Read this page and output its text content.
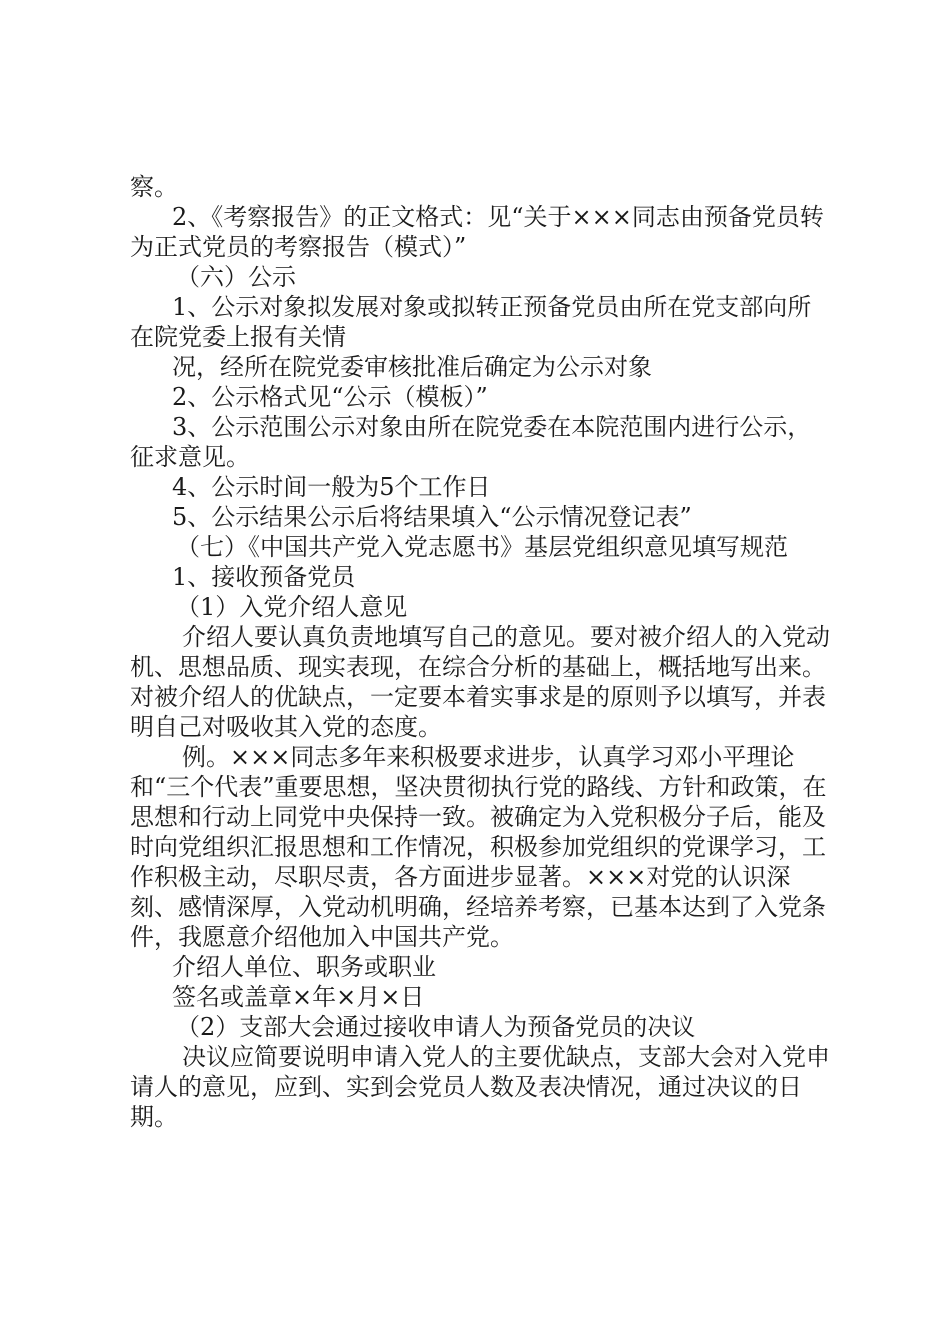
察。

2、《考察报告》的正文格式：见“关于×××同志由预备党员转为正式党员的考察报告（模式）”

（六）公示

1、公示对象拟发展对象或拟转正预备党员由所在党支部向所在院党委上报有关情

况，经所在院党委审核批准后确定为公示对象

2、公示格式见“公示（模板）”

3、公示范围公示对象由所在院党委在本院范围内进行公示，征求意见。

4、公示时间一般为5个工作日

5、公示结果公示后将结果填入“公示情况登记表”

（七）《中国共产党入党志愿书》基层党组织意见填写规范

1、接收预备党员

（1）入党介绍人意见

介绍人要认真负责地填写自己的意见。要对被介绍人的入党动机、思想品质、现实表现，在综合分析的基础上，概括地写出来。对被介绍人的优缺点，一定要本着实事求是的原则予以填写，并表明自己对吸收其入党的态度。

例。×××同志多年来积极要求进步，认真学习邓小平理论和“三个代表”重要思想，坚决贯彻执行党的路线、方针和政策，在思想和行动上同党中央保持一致。被确定为入党积极分子后，能及时向党组织汇报思想和工作情况，积极参加党组织的党课学习，工作积极主动，尽职尽责，各方面进步显著。×××对党的认识深刻、感情深厚，入党动机明确，经培养考察，已基本达到了入党条件，我愿意介绍他加入中国共产党。

介绍人单位、职务或职业

签名或盖章×年×月×日

（2）支部大会通过接收申请人为预备党员的决议

决议应简要说明申请入党人的主要优缺点，支部大会对入党申请人的意见，应到、实到会党员人数及表决情况，通过决议的日期。
